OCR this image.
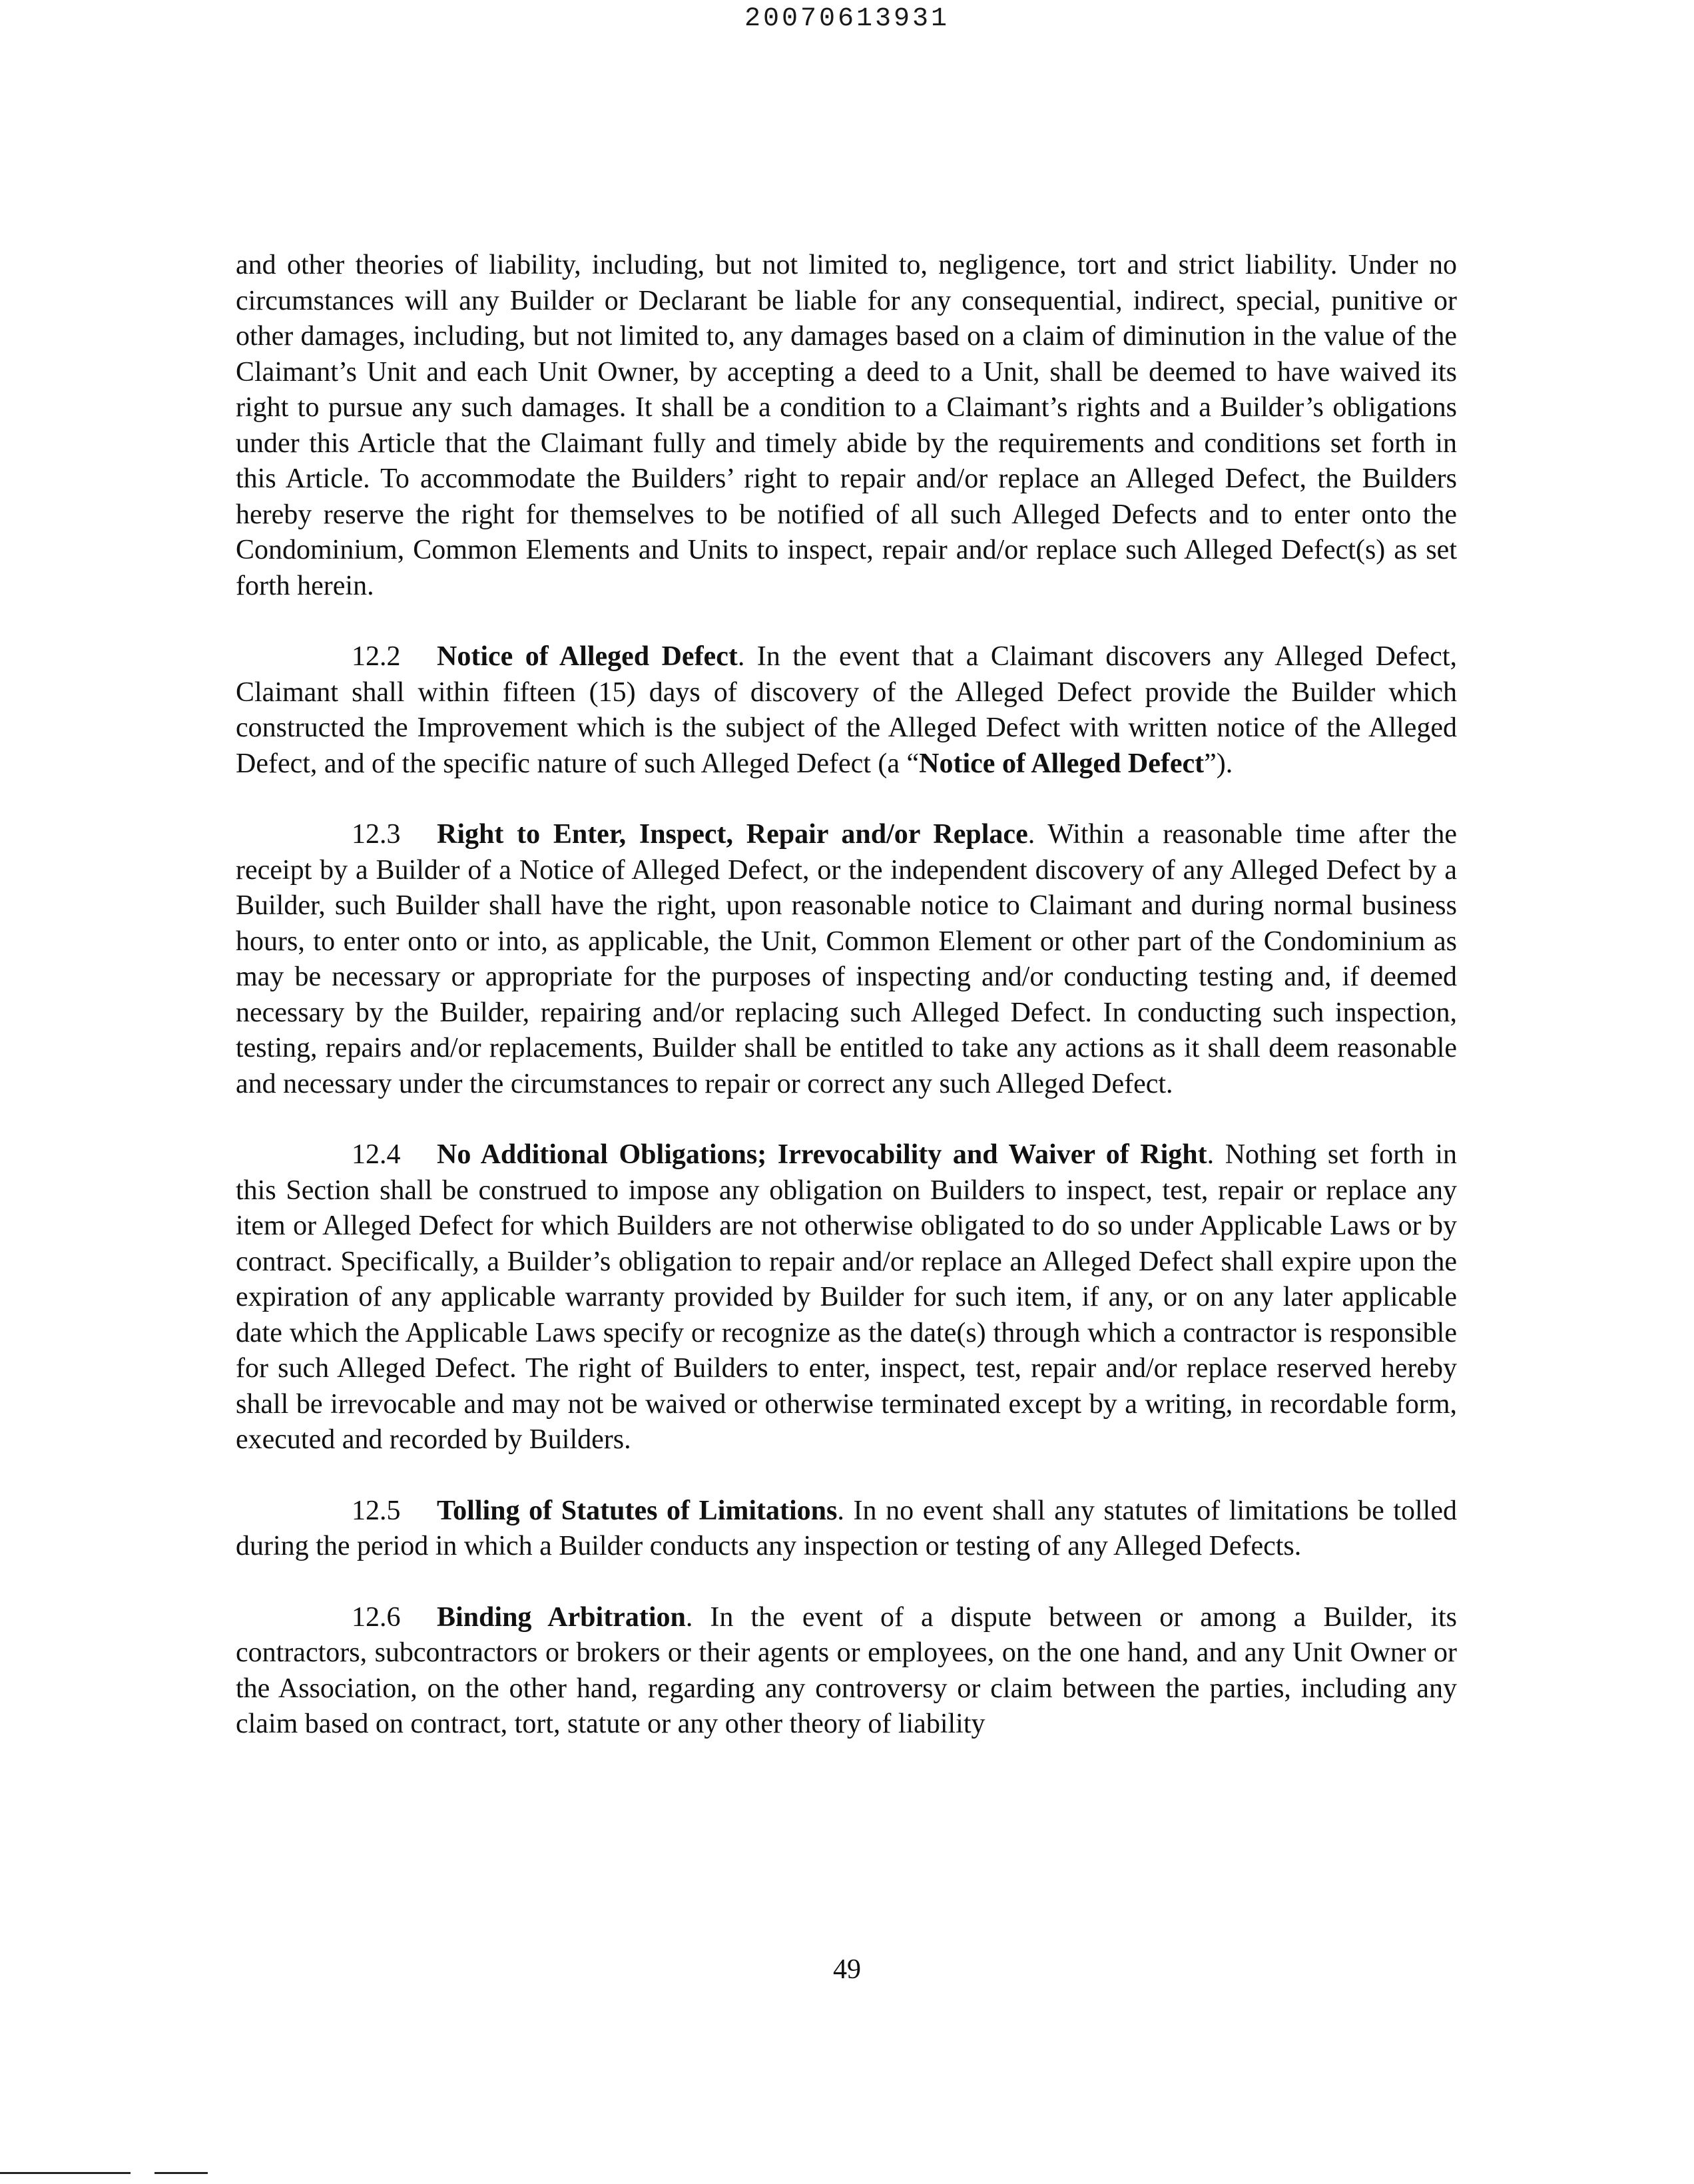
20070613931

and other theories of liability, including, but not limited to, negligence, tort and strict liability. Under no circumstances will any Builder or Declarant be liable for any consequential, indirect, special, punitive or other damages, including, but not limited to, any damages based on a claim of diminution in the value of the Claimant’s Unit and each Unit Owner, by accepting a deed to a Unit, shall be deemed to have waived its right to pursue any such damages. It shall be a condition to a Claimant’s rights and a Builder’s obligations under this Article that the Claimant fully and timely abide by the requirements and conditions set forth in this Article. To accommodate the Builders’ right to repair and/or replace an Alleged Defect, the Builders hereby reserve the right for themselves to be notified of all such Alleged Defects and to enter onto the Condominium, Common Elements and Units to inspect, repair and/or replace such Alleged Defect(s) as set forth herein.

12.2 Notice of Alleged Defect. In the event that a Claimant discovers any Alleged Defect, Claimant shall within fifteen (15) days of discovery of the Alleged Defect provide the Builder which constructed the Improvement which is the subject of the Alleged Defect with written notice of the Alleged Defect, and of the specific nature of such Alleged Defect (a “Notice of Alleged Defect”).

12.3 Right to Enter, Inspect, Repair and/or Replace. Within a reasonable time after the receipt by a Builder of a Notice of Alleged Defect, or the independent discovery of any Alleged Defect by a Builder, such Builder shall have the right, upon reasonable notice to Claimant and during normal business hours, to enter onto or into, as applicable, the Unit, Common Element or other part of the Condominium as may be necessary or appropriate for the purposes of inspecting and/or conducting testing and, if deemed necessary by the Builder, repairing and/or replacing such Alleged Defect. In conducting such inspection, testing, repairs and/or replacements, Builder shall be entitled to take any actions as it shall deem reasonable and necessary under the circumstances to repair or correct any such Alleged Defect.

12.4 No Additional Obligations; Irrevocability and Waiver of Right. Nothing set forth in this Section shall be construed to impose any obligation on Builders to inspect, test, repair or replace any item or Alleged Defect for which Builders are not otherwise obligated to do so under Applicable Laws or by contract. Specifically, a Builder’s obligation to repair and/or replace an Alleged Defect shall expire upon the expiration of any applicable warranty provided by Builder for such item, if any, or on any later applicable date which the Applicable Laws specify or recognize as the date(s) through which a contractor is responsible for such Alleged Defect. The right of Builders to enter, inspect, test, repair and/or replace reserved hereby shall be irrevocable and may not be waived or otherwise terminated except by a writing, in recordable form, executed and recorded by Builders.

12.5 Tolling of Statutes of Limitations. In no event shall any statutes of limitations be tolled during the period in which a Builder conducts any inspection or testing of any Alleged Defects.

12.6 Binding Arbitration. In the event of a dispute between or among a Builder, its contractors, subcontractors or brokers or their agents or employees, on the one hand, and any Unit Owner or the Association, on the other hand, regarding any controversy or claim between the parties, including any claim based on contract, tort, statute or any other theory of liability

49
